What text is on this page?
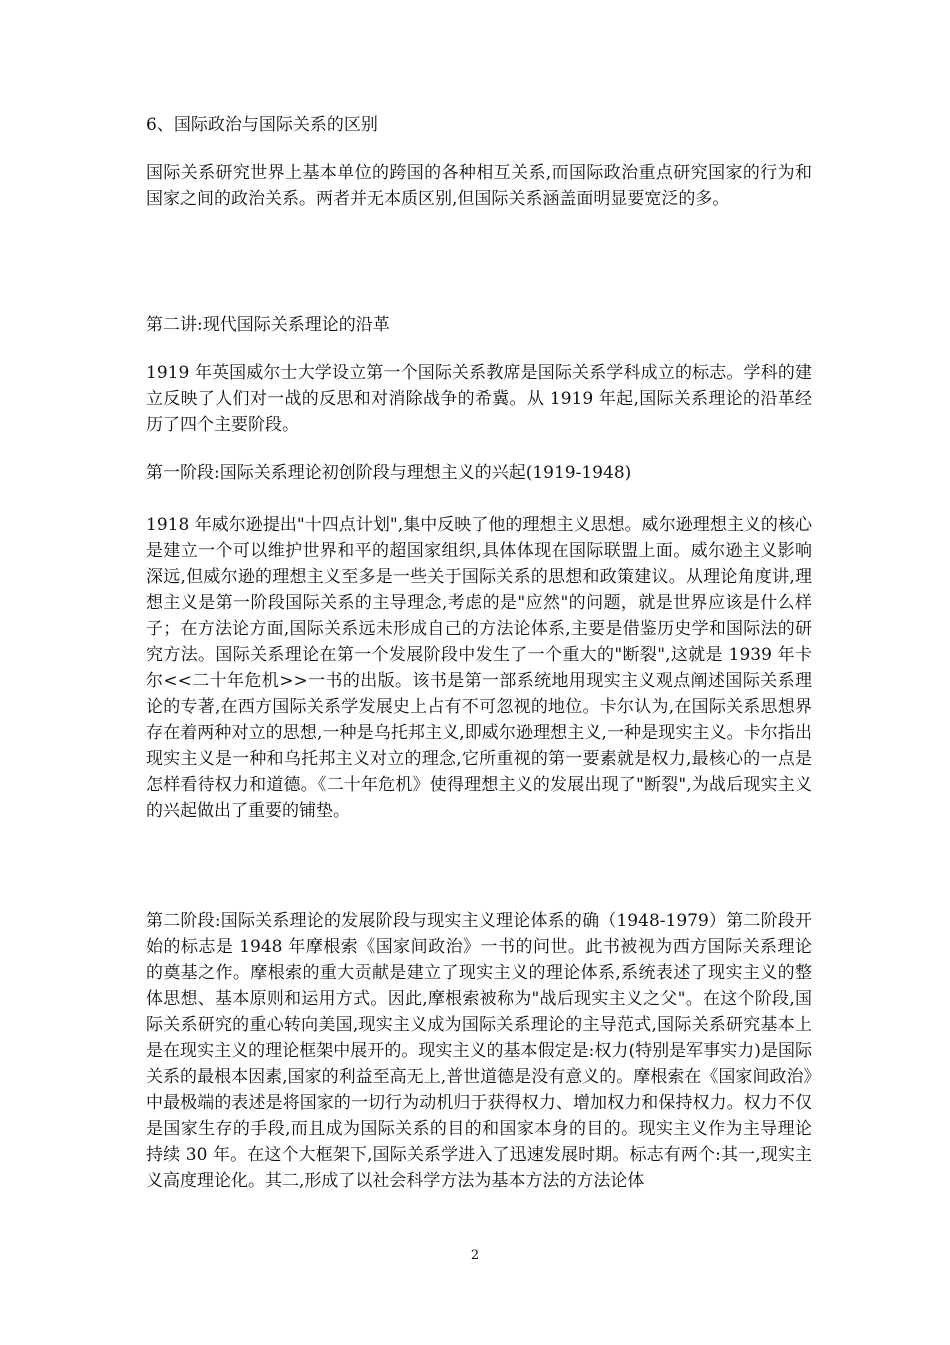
6、国际政治与国际关系的区别

国际关系研究世界上基本单位的跨国的各种相互关系,而国际政治重点研究国家的行为和国家之间的政治关系。两者并无本质区别,但国际关系涵盖面明显要宽泛的多。

第二讲:现代国际关系理论的沿革

1919 年英国威尔士大学设立第一个国际关系教席是国际关系学科成立的标志。学科的建立反映了人们对一战的反思和对消除战争的希冀。从 1919 年起,国际关系理论的沿革经历了四个主要阶段。

第一阶段:国际关系理论初创阶段与理想主义的兴起(1919-1948)

1918 年威尔逊提出"十四点计划",集中反映了他的理想主义思想。威尔逊理想主义的核心是建立一个可以维护世界和平的超国家组织,具体体现在国际联盟上面。威尔逊主义影响深远,但威尔逊的理想主义至多是一些关于国际关系的思想和政策建议。从理论角度讲,理想主义是第一阶段国际关系的主导理念,考虑的是"应然"的问题，就是世界应该是什么样子；在方法论方面,国际关系远未形成自己的方法论体系,主要是借鉴历史学和国际法的研究方法。国际关系理论在第一个发展阶段中发生了一个重大的"断裂",这就是 1939 年卡尔<<二十年危机>>一书的出版。该书是第一部系统地用现实主义观点阐述国际关系理论的专著,在西方国际关系学发展史上占有不可忽视的地位。卡尔认为,在国际关系思想界存在着两种对立的思想,一种是乌托邦主义,即威尔逊理想主义,一种是现实主义。卡尔指出现实主义是一种和乌托邦主义对立的理念,它所重视的第一要素就是权力,最核心的一点是怎样看待权力和道德。《二十年危机》使得理想主义的发展出现了"断裂",为战后现实主义的兴起做出了重要的铺垫。

第二阶段:国际关系理论的发展阶段与现实主义理论体系的确（1948-1979）第二阶段开始的标志是 1948 年摩根索《国家间政治》一书的问世。此书被视为西方国际关系理论的奠基之作。摩根索的重大贡献是建立了现实主义的理论体系,系统表述了现实主义的整体思想、基本原则和运用方式。因此,摩根索被称为"战后现实主义之父"。在这个阶段,国际关系研究的重心转向美国,现实主义成为国际关系理论的主导范式,国际关系研究基本上是在现实主义的理论框架中展开的。现实主义的基本假定是:权力(特别是军事实力)是国际关系的最根本因素,国家的利益至高无上,普世道德是没有意义的。摩根索在《国家间政治》中最极端的表述是将国家的一切行为动机归于获得权力、增加权力和保持权力。权力不仅是国家生存的手段,而且成为国际关系的目的和国家本身的目的。现实主义作为主导理论持续 30 年。在这个大框架下,国际关系学进入了迅速发展时期。标志有两个:其一,现实主义高度理论化。其二,形成了以社会科学方法为基本方法的方法论体

2
